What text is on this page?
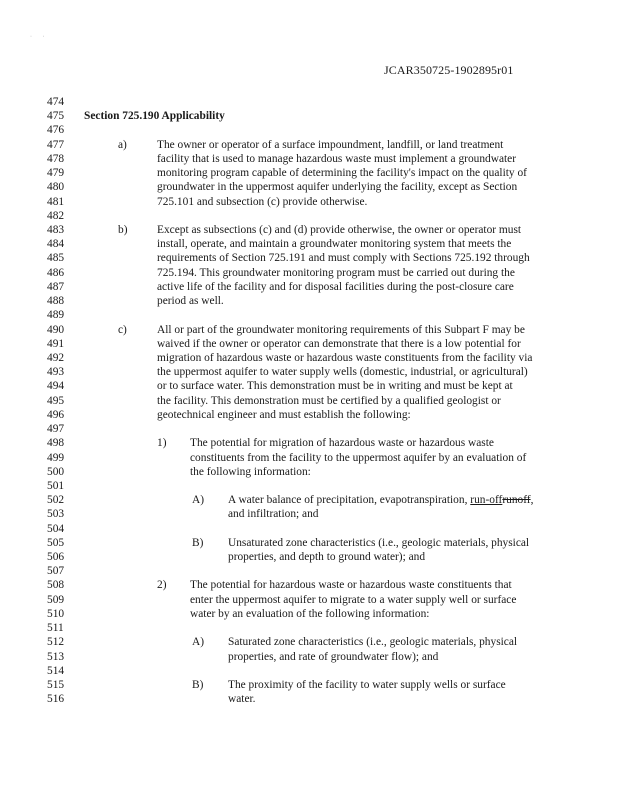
·       ·
JCAR350725-1902895r01
474
475 Section 725.190 Applicability
476
477	a)	The owner or operator of a surface impoundment, landfill, or land treatment
478	facility that is used to manage hazardous waste must implement a groundwater
479	monitoring program capable of determining the facility's impact on the quality of
480	groundwater in the uppermost aquifer underlying the facility, except as Section
481	725.101 and subsection (c) provide otherwise.
482
483	b)	Except as subsections (c) and (d) provide otherwise, the owner or operator must
484	install, operate, and maintain a groundwater monitoring system that meets the
485	requirements of Section 725.191 and must comply with Sections 725.192 through
486	725.194. This groundwater monitoring program must be carried out during the
487	active life of the facility and for disposal facilities during the post-closure care
488	period as well.
489
490	c)	All or part of the groundwater monitoring requirements of this Subpart F may be
491	waived if the owner or operator can demonstrate that there is a low potential for
492	migration of hazardous waste or hazardous waste constituents from the facility via
493	the uppermost aquifer to water supply wells (domestic, industrial, or agricultural)
494	or to surface water. This demonstration must be in writing and must be kept at
495	the facility. This demonstration must be certified by a qualified geologist or
496	geotechnical engineer and must establish the following:
497
498	1) The potential for migration of hazardous waste or hazardous waste
499	constituents from the facility to the uppermost aquifer by an evaluation of
500	the following information:
501
502	A) A water balance of precipitation, evapotranspiration, run-offrunoff,
503	and infiltration; and
504
505	B) Unsaturated zone characteristics (i.e., geologic materials, physical
506	properties, and depth to ground water); and
507
508	2) The potential for hazardous waste or hazardous waste constituents that
509	enter the uppermost aquifer to migrate to a water supply well or surface
510	water by an evaluation of the following information:
511
512	A) Saturated zone characteristics (i.e., geologic materials, physical
513	properties, and rate of groundwater flow); and
514
515	B) The proximity of the facility to water supply wells or surface
516	water.
